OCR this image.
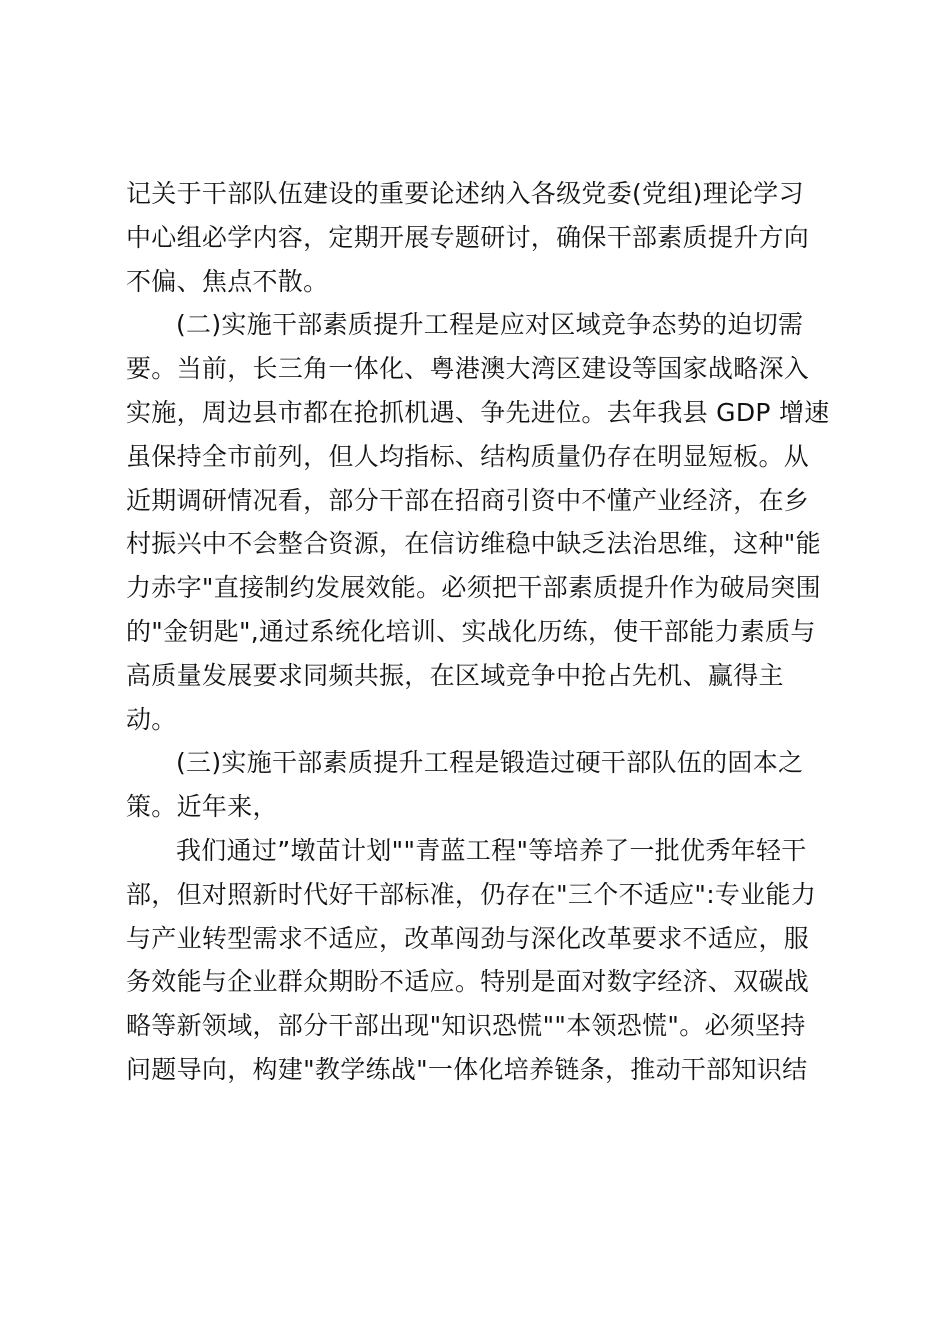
记关于干部队伍建设的重要论述纳入各级党委(党组)理论学习
中心组必学内容，定期开展专题研讨，确保干部素质提升方向
不偏、焦点不散。
(二)实施干部素质提升工程是应对区域竞争态势的迫切需
要。当前，长三角一体化、粤港澳大湾区建设等国家战略深入
实施，周边县市都在抢抓机遇、争先进位。去年我县 GDP 增速
虽保持全市前列，但人均指标、结构质量仍存在明显短板。从
近期调研情况看，部分干部在招商引资中不懂产业经济，在乡
村振兴中不会整合资源，在信访维稳中缺乏法治思维，这种"能
力赤字"直接制约发展效能。必须把干部素质提升作为破局突围
的"金钥匙",通过系统化培训、实战化历练，使干部能力素质与
高质量发展要求同频共振，在区域竞争中抢占先机、赢得主
动。
(三)实施干部素质提升工程是锻造过硬干部队伍的固本之
策。近年来，
我们通过”墩苗计划""青蓝工程"等培养了一批优秀年轻干
部，但对照新时代好干部标准，仍存在"三个不适应":专业能力
与产业转型需求不适应，改革闯劲与深化改革要求不适应，服
务效能与企业群众期盼不适应。特别是面对数字经济、双碳战
略等新领域，部分干部出现"知识恐慌""本领恐慌"。必须坚持
问题导向，构建"教学练战"一体化培养链条，推动干部知识结
